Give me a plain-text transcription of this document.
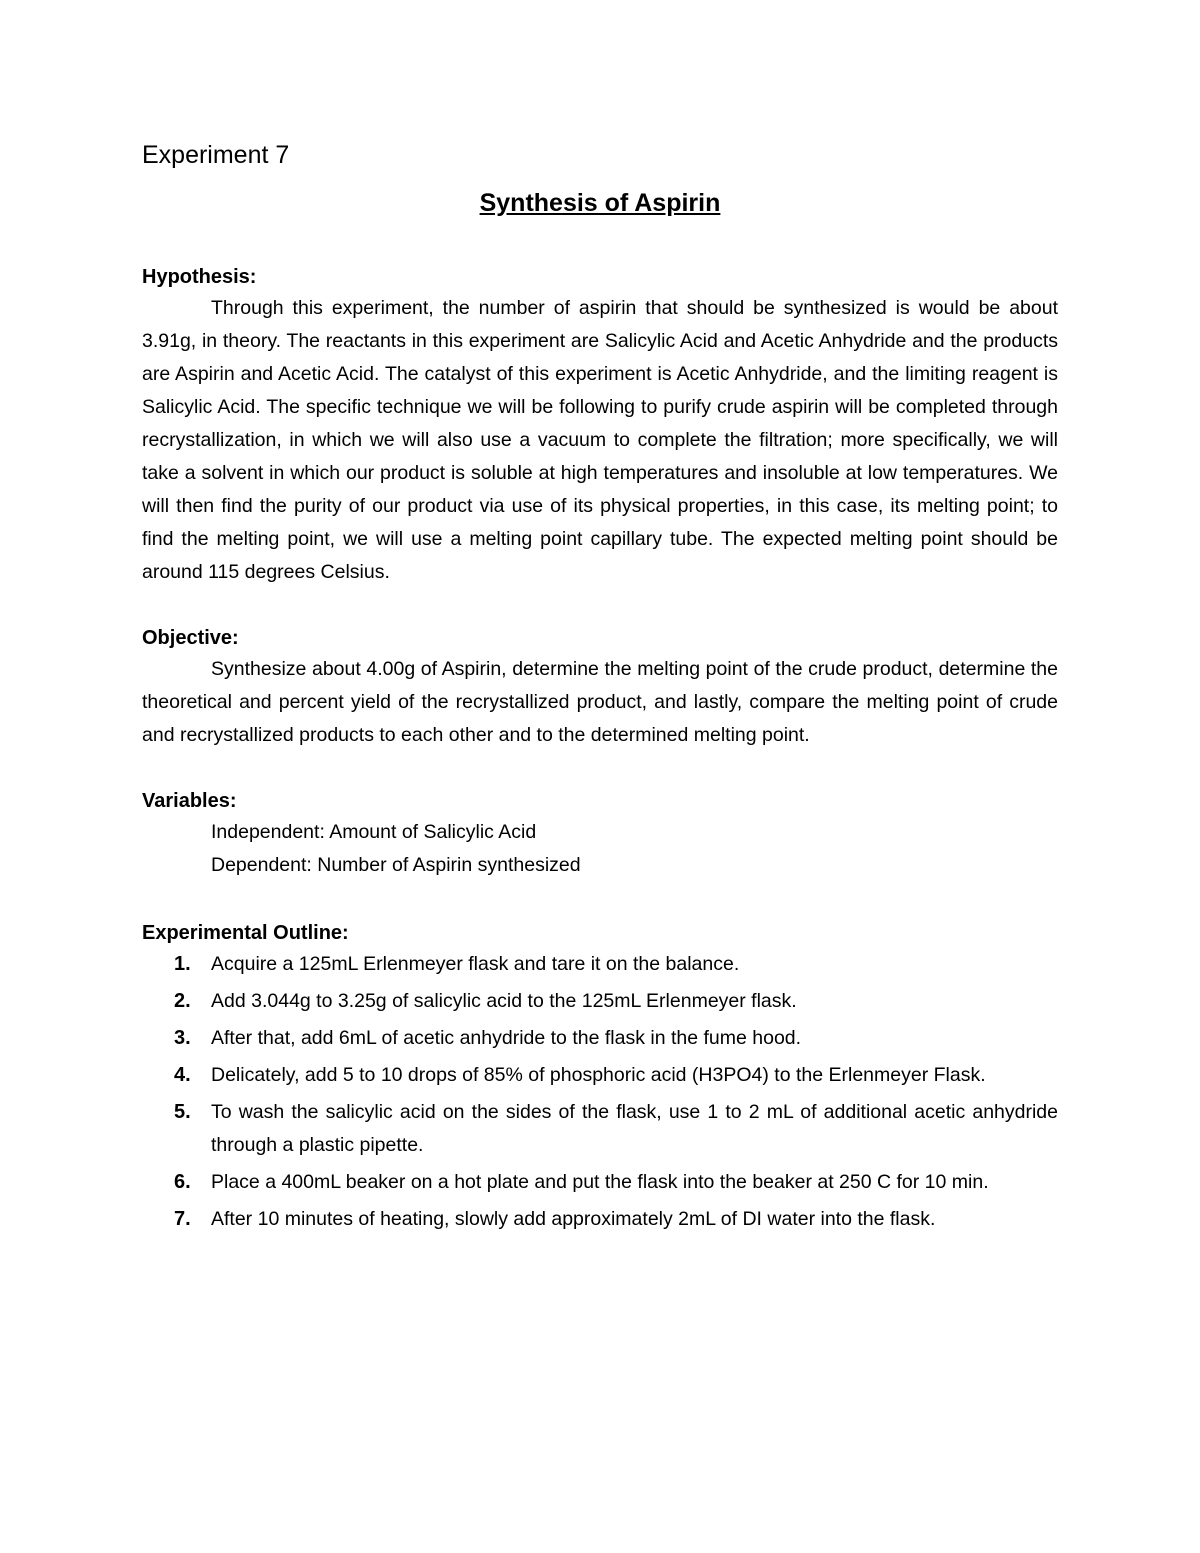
Experiment 7
Synthesis of Aspirin
Hypothesis:

Through this experiment, the number of aspirin that should be synthesized is would be about 3.91g, in theory. The reactants in this experiment are Salicylic Acid and Acetic Anhydride and the products are Aspirin and Acetic Acid. The catalyst of this experiment is Acetic Anhydride, and the limiting reagent is Salicylic Acid. The specific technique we will be following to purify crude aspirin will be completed through recrystallization, in which we will also use a vacuum to complete the filtration; more specifically, we will take a solvent in which our product is soluble at high temperatures and insoluble at low temperatures. We will then find the purity of our product via use of its physical properties, in this case, its melting point; to find the melting point, we will use a melting point capillary tube. The expected melting point should be around 115 degrees Celsius.

Objective:

Synthesize about 4.00g of Aspirin, determine the melting point of the crude product, determine the theoretical and percent yield of the recrystallized product, and lastly, compare the melting point of crude and recrystallized products to each other and to the determined melting point.

Variables:
Independent: Amount of Salicylic Acid
Dependent: Number of Aspirin synthesized
Experimental Outline:
1.	Acquire a 125mL Erlenmeyer flask and tare it on the balance.
2.	Add 3.044g to 3.25g of salicylic acid to the 125mL Erlenmeyer flask.
3.	After that, add 6mL of acetic anhydride to the flask in the fume hood.
4.	Delicately, add 5 to 10 drops of 85% of phosphoric acid (H3PO4) to the Erlenmeyer Flask.
5.	To wash the salicylic acid on the sides of the flask, use 1 to 2 mL of additional acetic anhydride through a plastic pipette.
6.	Place a 400mL beaker on a hot plate and put the flask into the beaker at 250 C for 10 min.
7.	After 10 minutes of heating, slowly add approximately 2mL of DI water into the flask.
